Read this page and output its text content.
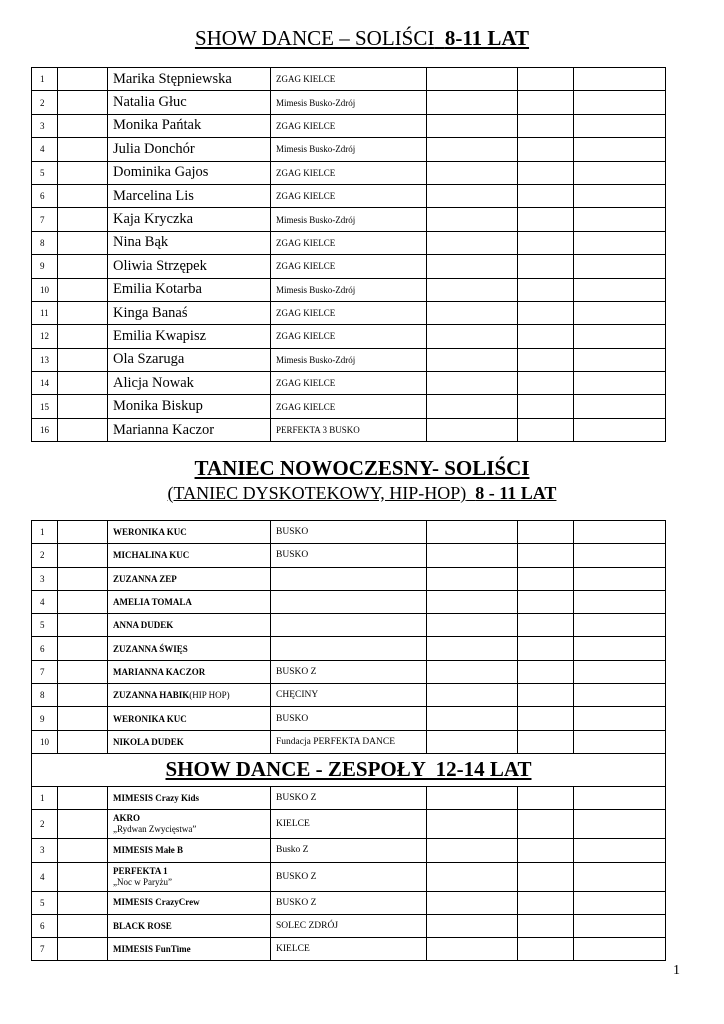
SHOW DANCE – SOLIŚCI 8-11 LAT
1		Marika Stępniewska	ZGAG KIELCE			
2		Natalia Głuc	Mimesis Busko-Zdrój			
3		Monika Pańtak	ZGAG KIELCE			
4		Julia Donchór	Mimesis Busko-Zdrój			
5		Dominika Gajos	ZGAG KIELCE			
6		Marcelina Lis	ZGAG KIELCE			
7		Kaja Kryczka	Mimesis Busko-Zdrój			
8		Nina Bąk	ZGAG KIELCE			
9		Oliwia Strzępek	ZGAG KIELCE			
10		Emilia Kotarba	Mimesis Busko-Zdrój			
11		Kinga Banaś	ZGAG KIELCE			
12		Emilia Kwapisz	ZGAG KIELCE			
13		Ola Szaruga	Mimesis Busko-Zdrój			
14		Alicja Nowak	ZGAG KIELCE			
15		Monika Biskup	ZGAG KIELCE			
16		Marianna Kaczor	PERFEKTA 3 BUSKO			
TANIEC NOWOCZESNY- SOLIŚCI
(TANIEC DYSKOTEKOWY, HIP-HOP) 8 - 11 LAT
1		WERONIKA KUC	BUSKO			
2		MICHALINA KUC	BUSKO			
3		ZUZANNA ZEP				
4		AMELIA TOMALA				
5		ANNA DUDEK				
6		ZUZANNA ŚWIĘS				
7		MARIANNA KACZOR	BUSKO Z			
8		ZUZANNA HABIK(HIP HOP)	CHĘCINY			
9		WERONIKA KUC	BUSKO			
10		NIKOLA DUDEK	Fundacja PERFEKTA DANCE			
SHOW DANCE - ZESPOŁY  12-14 LAT						
1		MIMESIS Crazy Kids	BUSKO Z			
2		AKRO
„Rydwan Zwycięstwa”	KIELCE			
3		MIMESIS Małe B	Busko Z			
4		PERFEKTA 1
„Noc w Paryżu”	BUSKO Z			
5		MIMESIS CrazyCrew	BUSKO Z			
6		BLACK ROSE	SOLEC ZDRÓJ			
7		MIMESIS FunTime	KIELCE			
1
